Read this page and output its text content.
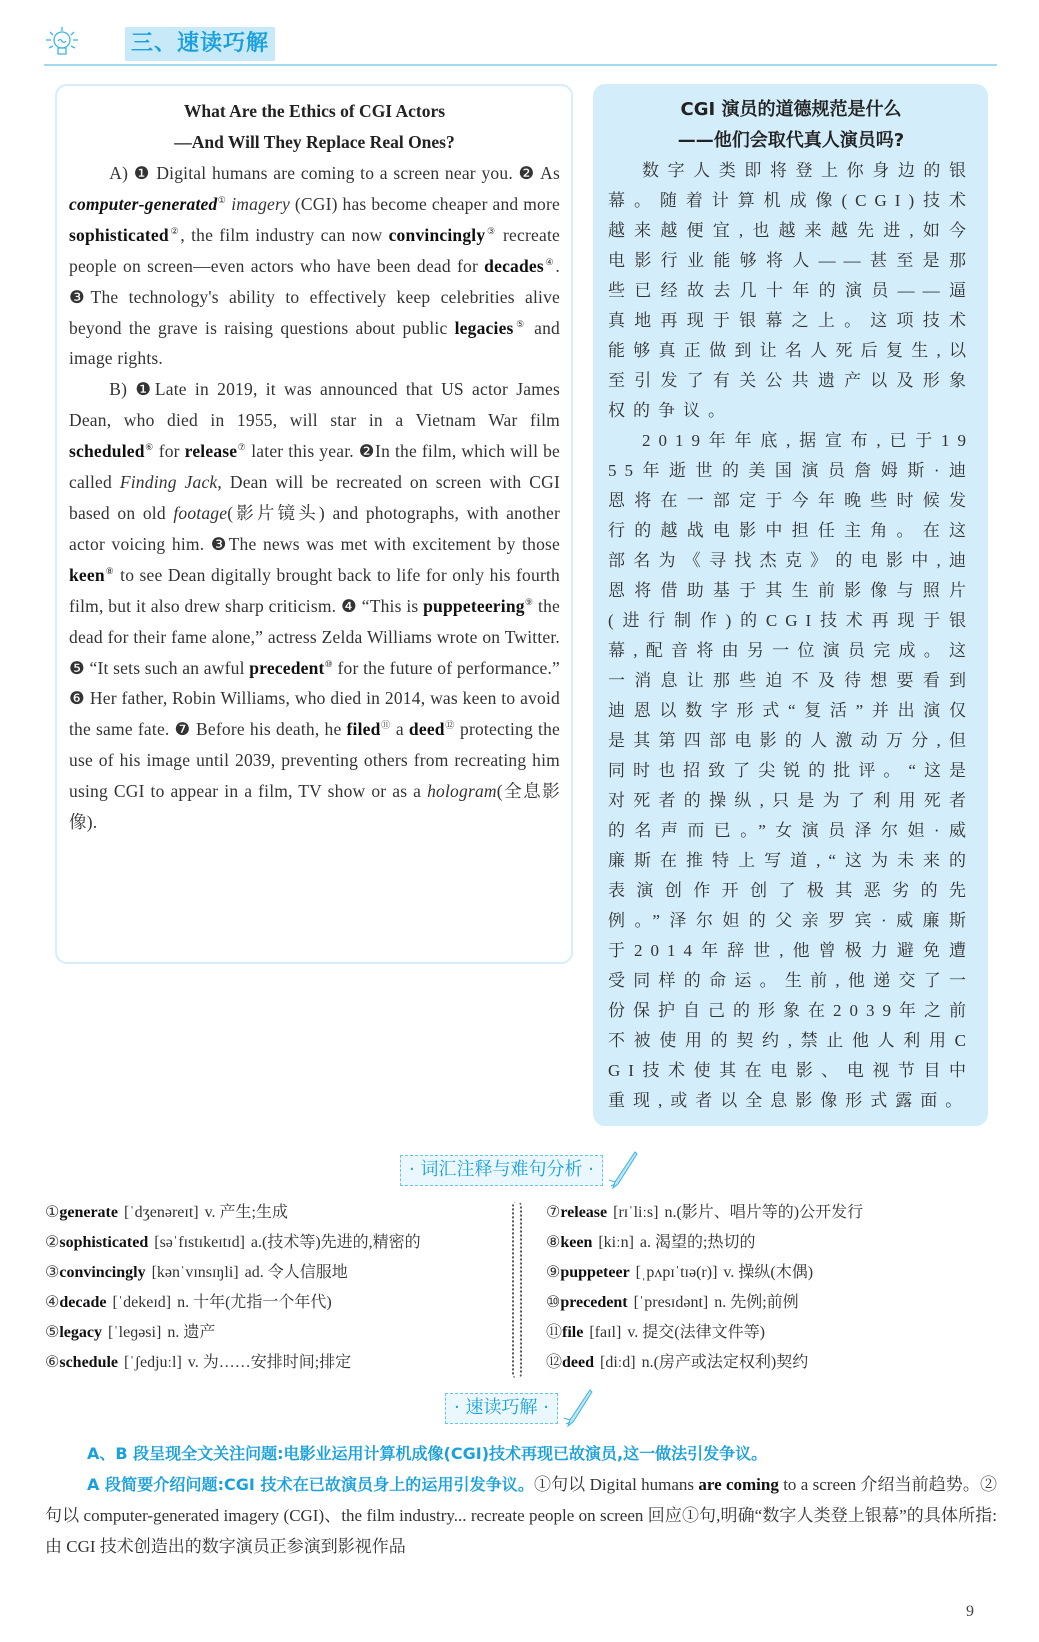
三、速读巧解
What Are the Ethics of CGI Actors
—And Will They Replace Real Ones?

A) ❶ Digital humans are coming to a screen near you. ❷ As computer-generated① imagery (CGI) has become cheaper and more sophisticated②, the film industry can now convincingly③ recreate people on screen—even actors who have been dead for decades④. ❸The technology's ability to effectively keep celebrities alive beyond the grave is raising questions about public legacies⑤ and image rights.

B) ❶Late in 2019, it was announced that US actor James Dean, who died in 1955, will star in a Vietnam War film scheduled⑥ for release⑦ later this year. ❷In the film, which will be called Finding Jack, Dean will be recreated on screen with CGI based on old footage(影片镜头) and photographs, with another actor voicing him. ❸The news was met with excitement by those keen⑧ to see Dean digitally brought back to life for only his fourth film, but it also drew sharp criticism. ❹ “This is puppeteering⑨ the dead for their fame alone,” actress Zelda Williams wrote on Twitter. ❺ “It sets such an awful precedent⑩ for the future of performance.” ❻ Her father, Robin Williams, who died in 2014, was keen to avoid the same fate. ❼ Before his death, he filed⑪ a deed⑫ protecting the use of his image until 2039, preventing others from recreating him using CGI to appear in a film, TV show or as a hologram(全息影像).

CGI 演员的道德规范是什么
——他们会取代真人演员吗?

数字人类即将登上你身边的银幕。随着计算机成像(CGI)技术越来越便宜,也越来越先进,如今电影行业能够将人——甚至是那些已经故去几十年的演员——逼真地再现于银幕之上。这项技术能够真正做到让名人死后复生,以至引发了有关公共遗产以及形象权的争议。

2019年年底,据宣布,已于1955年逝世的美国演员詹姆斯·迪恩将在一部定于今年晚些时候发行的越战电影中担任主角。在这部名为《寻找杰克》的电影中,迪恩将借助基于其生前影像与照片(进行制作)的CGI技术再现于银幕,配音将由另一位演员完成。这一消息让那些迫不及待想要看到迪恩以数字形式“复活”并出演仅是其第四部电影的人激动万分,但同时也招致了尖锐的批评。“这是对死者的操纵,只是为了利用死者的名声而已。”女演员泽尔妲·威廉斯在推特上写道,“这为未来的表演创作开创了极其恶劣的先例。”泽尔妲的父亲罗宾·威廉斯于2014年辞世,他曾极力避免遭受同样的命运。生前,他递交了一份保护自己的形象在2039年之前不被使用的契约,禁止他人利用CGI技术使其在电影、电视节目中重现,或者以全息影像形式露面。

· 词汇注释与难句分析 ·
①generate [ˈdʒenəreɪt] v. 产生;生成
②sophisticated [səˈfɪstɪkeɪtɪd] a.(技术等)先进的,精密的
③convincingly [kənˈvɪnsɪŋli] ad. 令人信服地
④decade [ˈdekeɪd] n. 十年(尤指一个年代)
⑤legacy [ˈleɡəsi] n. 遗产
⑥schedule [ˈʃedjuːl] v. 为……安排时间;排定
⑦release [rɪˈliːs] n.(影片、唱片等的)公开发行
⑧keen [kiːn] a. 渴望的;热切的
⑨puppeteer [ˌpʌpɪˈtɪə(r)] v. 操纵(木偶)
⑩precedent [ˈpresɪdənt] n. 先例;前例
⑪file [faɪl] v. 提交(法律文件等)
⑫deed [diːd] n.(房产或法定权利)契约
· 速读巧解 ·
A、B 段呈现全文关注问题:电影业运用计算机成像(CGI)技术再现已故演员,这一做法引发争议。
A 段简要介绍问题:CGI 技术在已故演员身上的运用引发争议。①句以 Digital humans are coming to a screen 介绍当前趋势。②句以 computer-generated imagery (CGI)、the film industry... recreate people on screen 回应①句,明确“数字人类登上银幕”的具体所指:由 CGI 技术创造出的数字演员正参演到影视作品
9
